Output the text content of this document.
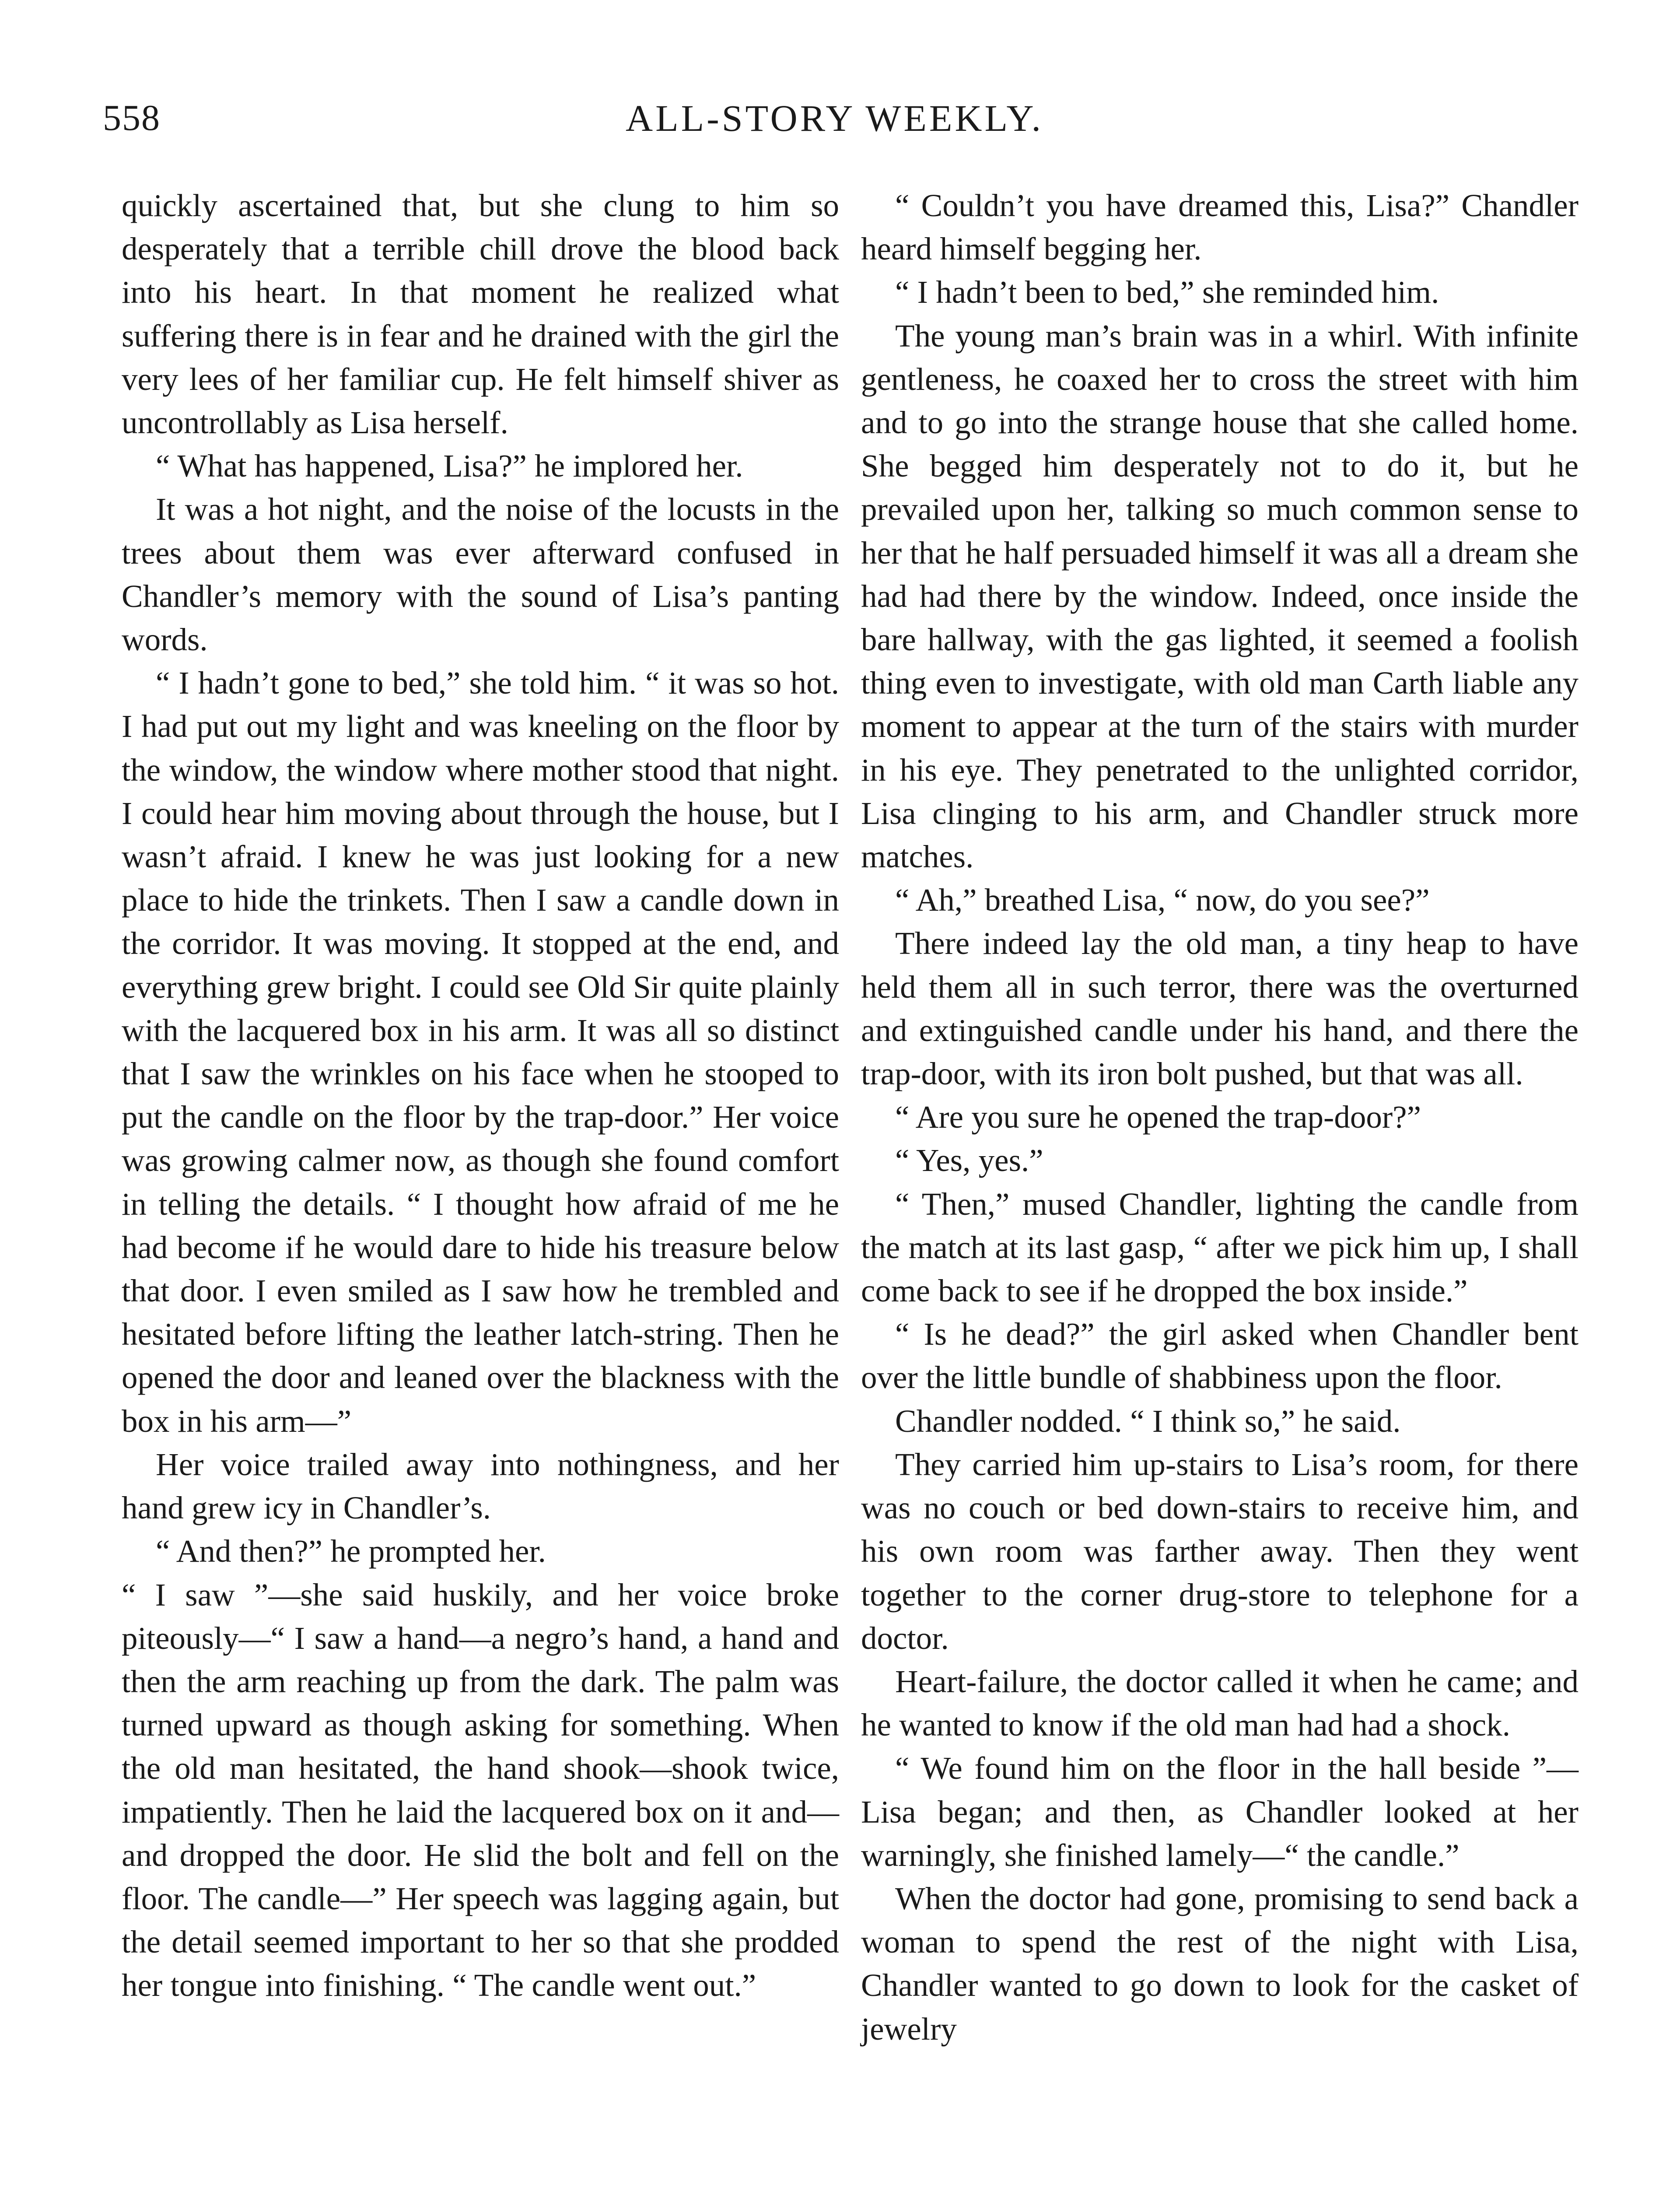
558	ALL-STORY WEEKLY.

quickly ascertained that, but she clung to him so desperately that a terrible chill drove the blood back into his heart. In that moment he realized what suffering there is in fear and he drained with the girl the very lees of her familiar cup. He felt himself shiver as uncontrollably as Lisa herself.

“ What has happened, Lisa?” he implored her.

It was a hot night, and the noise of the locusts in the trees about them was ever afterward confused in Chandler’s memory with the sound of Lisa’s panting words.

“ I hadn’t gone to bed,” she told him. “ it was so hot. I had put out my light and was kneeling on the floor by the window, the window where mother stood that night. I could hear him moving about through the house, but I wasn’t afraid. I knew he was just looking for a new place to hide the trinkets. Then I saw a candle down in the corridor. It was moving. It stopped at the end, and everything grew bright. I could see Old Sir quite plainly with the lacquered box in his arm. It was all so distinct that I saw the wrinkles on his face when he stooped to put the candle on the floor by the trap-door.” Her voice was growing calmer now, as though she found comfort in telling the details. “ I thought how afraid of me he had become if he would dare to hide his treasure below that door. I even smiled as I saw how he trembled and hesitated before lifting the leather latch-string. Then he opened the door and leaned over the blackness with the box in his arm—”

Her voice trailed away into nothingness, and her hand grew icy in Chandler’s.

“ And then?” he prompted her.

“ I saw ”—she said huskily, and her voice broke piteously—“ I saw a hand—a negro’s hand, a hand and then the arm reaching up from the dark. The palm was turned upward as though asking for something. When the old man hesitated, the hand shook—shook twice, impatiently. Then he laid the lacquered box on it and—and dropped the door. He slid the bolt and fell on the floor. The candle—” Her speech was lagging again, but the detail seemed important to her so that she prodded her tongue into finishing. “ The candle went out.”

“ Couldn’t you have dreamed this, Lisa?” Chandler heard himself begging her.

“ I hadn’t been to bed,” she reminded him.

The young man’s brain was in a whirl. With infinite gentleness, he coaxed her to cross the street with him and to go into the strange house that she called home. She begged him desperately not to do it, but he prevailed upon her, talking so much common sense to her that he half persuaded himself it was all a dream she had had there by the window. Indeed, once inside the bare hallway, with the gas lighted, it seemed a foolish thing even to investigate, with old man Carth liable any moment to appear at the turn of the stairs with murder in his eye. They penetrated to the unlighted corridor, Lisa clinging to his arm, and Chandler struck more matches.

“ Ah,” breathed Lisa, “ now, do you see?”

There indeed lay the old man, a tiny heap to have held them all in such terror, there was the overturned and extinguished candle under his hand, and there the trap-door, with its iron bolt pushed, but that was all.

“ Are you sure he opened the trap-door?”

“ Yes, yes.”

“ Then,” mused Chandler, lighting the candle from the match at its last gasp, “ after we pick him up, I shall come back to see if he dropped the box inside.”

“ Is he dead?” the girl asked when Chandler bent over the little bundle of shabbiness upon the floor.

Chandler nodded. “ I think so,” he said.

They carried him up-stairs to Lisa’s room, for there was no couch or bed down-stairs to receive him, and his own room was farther away. Then they went together to the corner drug-store to telephone for a doctor.

Heart-failure, the doctor called it when he came; and he wanted to know if the old man had had a shock.

“ We found him on the floor in the hall beside ”—Lisa began; and then, as Chandler looked at her warningly, she finished lamely—“ the candle.”

When the doctor had gone, promising to send back a woman to spend the rest of the night with Lisa, Chandler wanted to go down to look for the casket of jewelry
